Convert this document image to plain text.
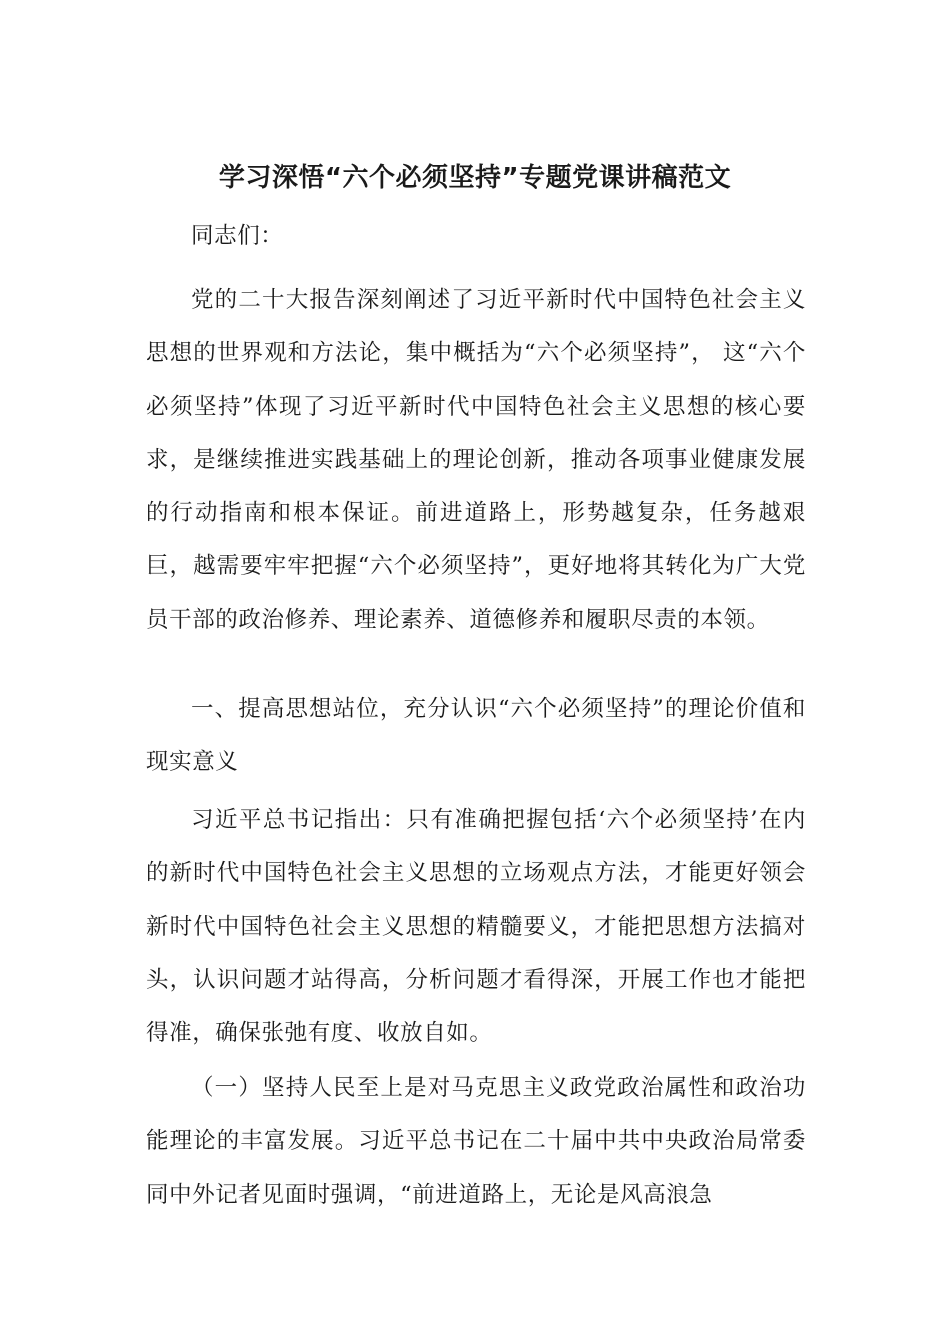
学习深悟“六个必须坚持”专题党课讲稿范文

同志们：

党的二十大报告深刻阐述了习近平新时代中国特色社会主义思想的世界观和方法论，集中概括为“六个必须坚持”， 这“六个必须坚持”体现了习近平新时代中国特色社会主义思想的核心要求，是继续推进实践基础上的理论创新，推动各项事业健康发展的行动指南和根本保证。前进道路上，形势越复杂，任务越艰巨，越需要牢牢把握“六个必须坚持”，更好地将其转化为广大党员干部的政治修养、理论素养、道德修养和履职尽责的本领。

一、提高思想站位，充分认识“六个必须坚持”的理论价值和现实意义

习近平总书记指出：只有准确把握包括‘六个必须坚持’在内的新时代中国特色社会主义思想的立场观点方法，才能更好领会新时代中国特色社会主义思想的精髓要义，才能把思想方法搞对头，认识问题才站得高，分析问题才看得深，开展工作也才能把得准，确保张弛有度、收放自如。

（一）坚持人民至上是对马克思主义政党政治属性和政治功能理论的丰富发展。习近平总书记在二十届中共中央政治局常委同中外记者见面时强调，“前进道路上，无论是风高浪急
